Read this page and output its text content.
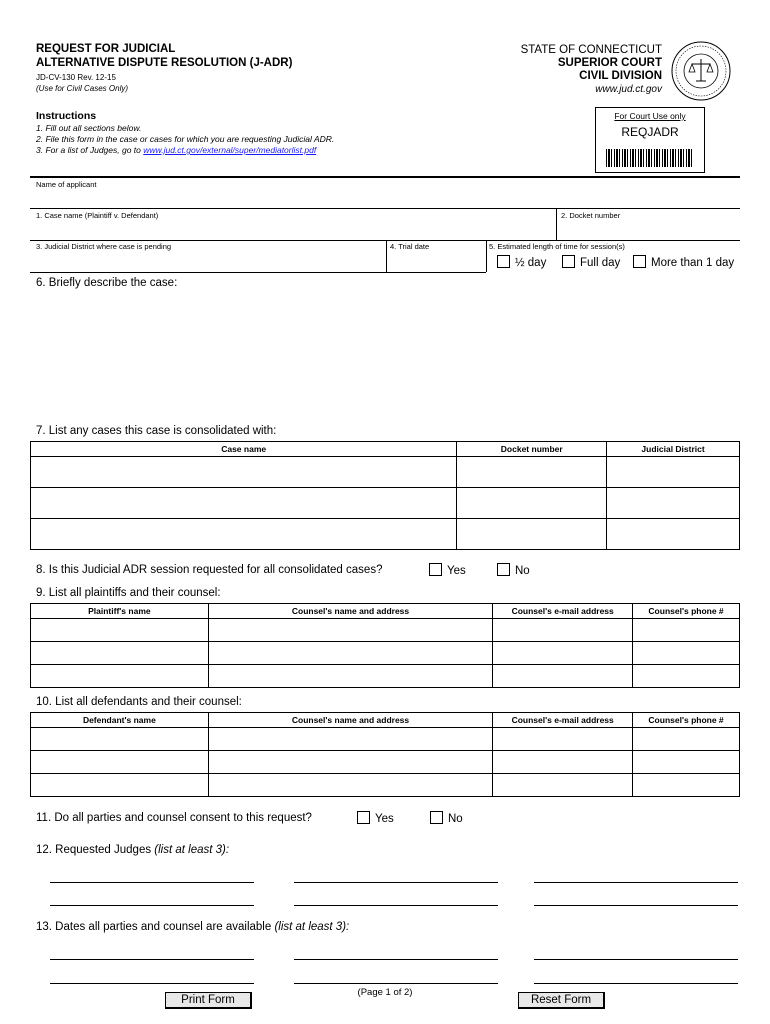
REQUEST FOR JUDICIAL
ALTERNATIVE DISPUTE RESOLUTION (J-ADR)
JD-CV-130 Rev. 12-15
(Use for Civil Cases Only)
STATE OF CONNECTICUT
SUPERIOR COURT
CIVIL DIVISION
www.jud.ct.gov
Instructions
1. Fill out all sections below.
2. File this form in the case or cases for which you are requesting Judicial ADR.
3. For a list of Judges, go to www.jud.ct.gov/external/super/mediatorlist.pdf
For Court Use only
REQJADR
Name of applicant
1. Case name (Plaintiff v. Defendant)	2. Docket number
3. Judicial District where case is pending	4. Trial date	5. Estimated length of time for session(s)
½ day	Full day	More than 1 day
6. Briefly describe the case:
7. List any cases this case is consolidated with:
Case name	Docket number	Judicial District

8. Is this Judicial ADR session requested for all consolidated cases?	Yes	No
9. List all plaintiffs and their counsel:
Plaintiff's name	Counsel's name and address	Counsel's e-mail address	Counsel's phone #

10. List all defendants and their counsel:
Defendant's name	Counsel's name and address	Counsel's e-mail address	Counsel's phone #

11. Do all parties and counsel consent to this request?	Yes	No
12. Requested Judges (list at least 3):
13. Dates all parties and counsel are available (list at least 3):
Print Form
(Page 1 of 2)
Reset Form
